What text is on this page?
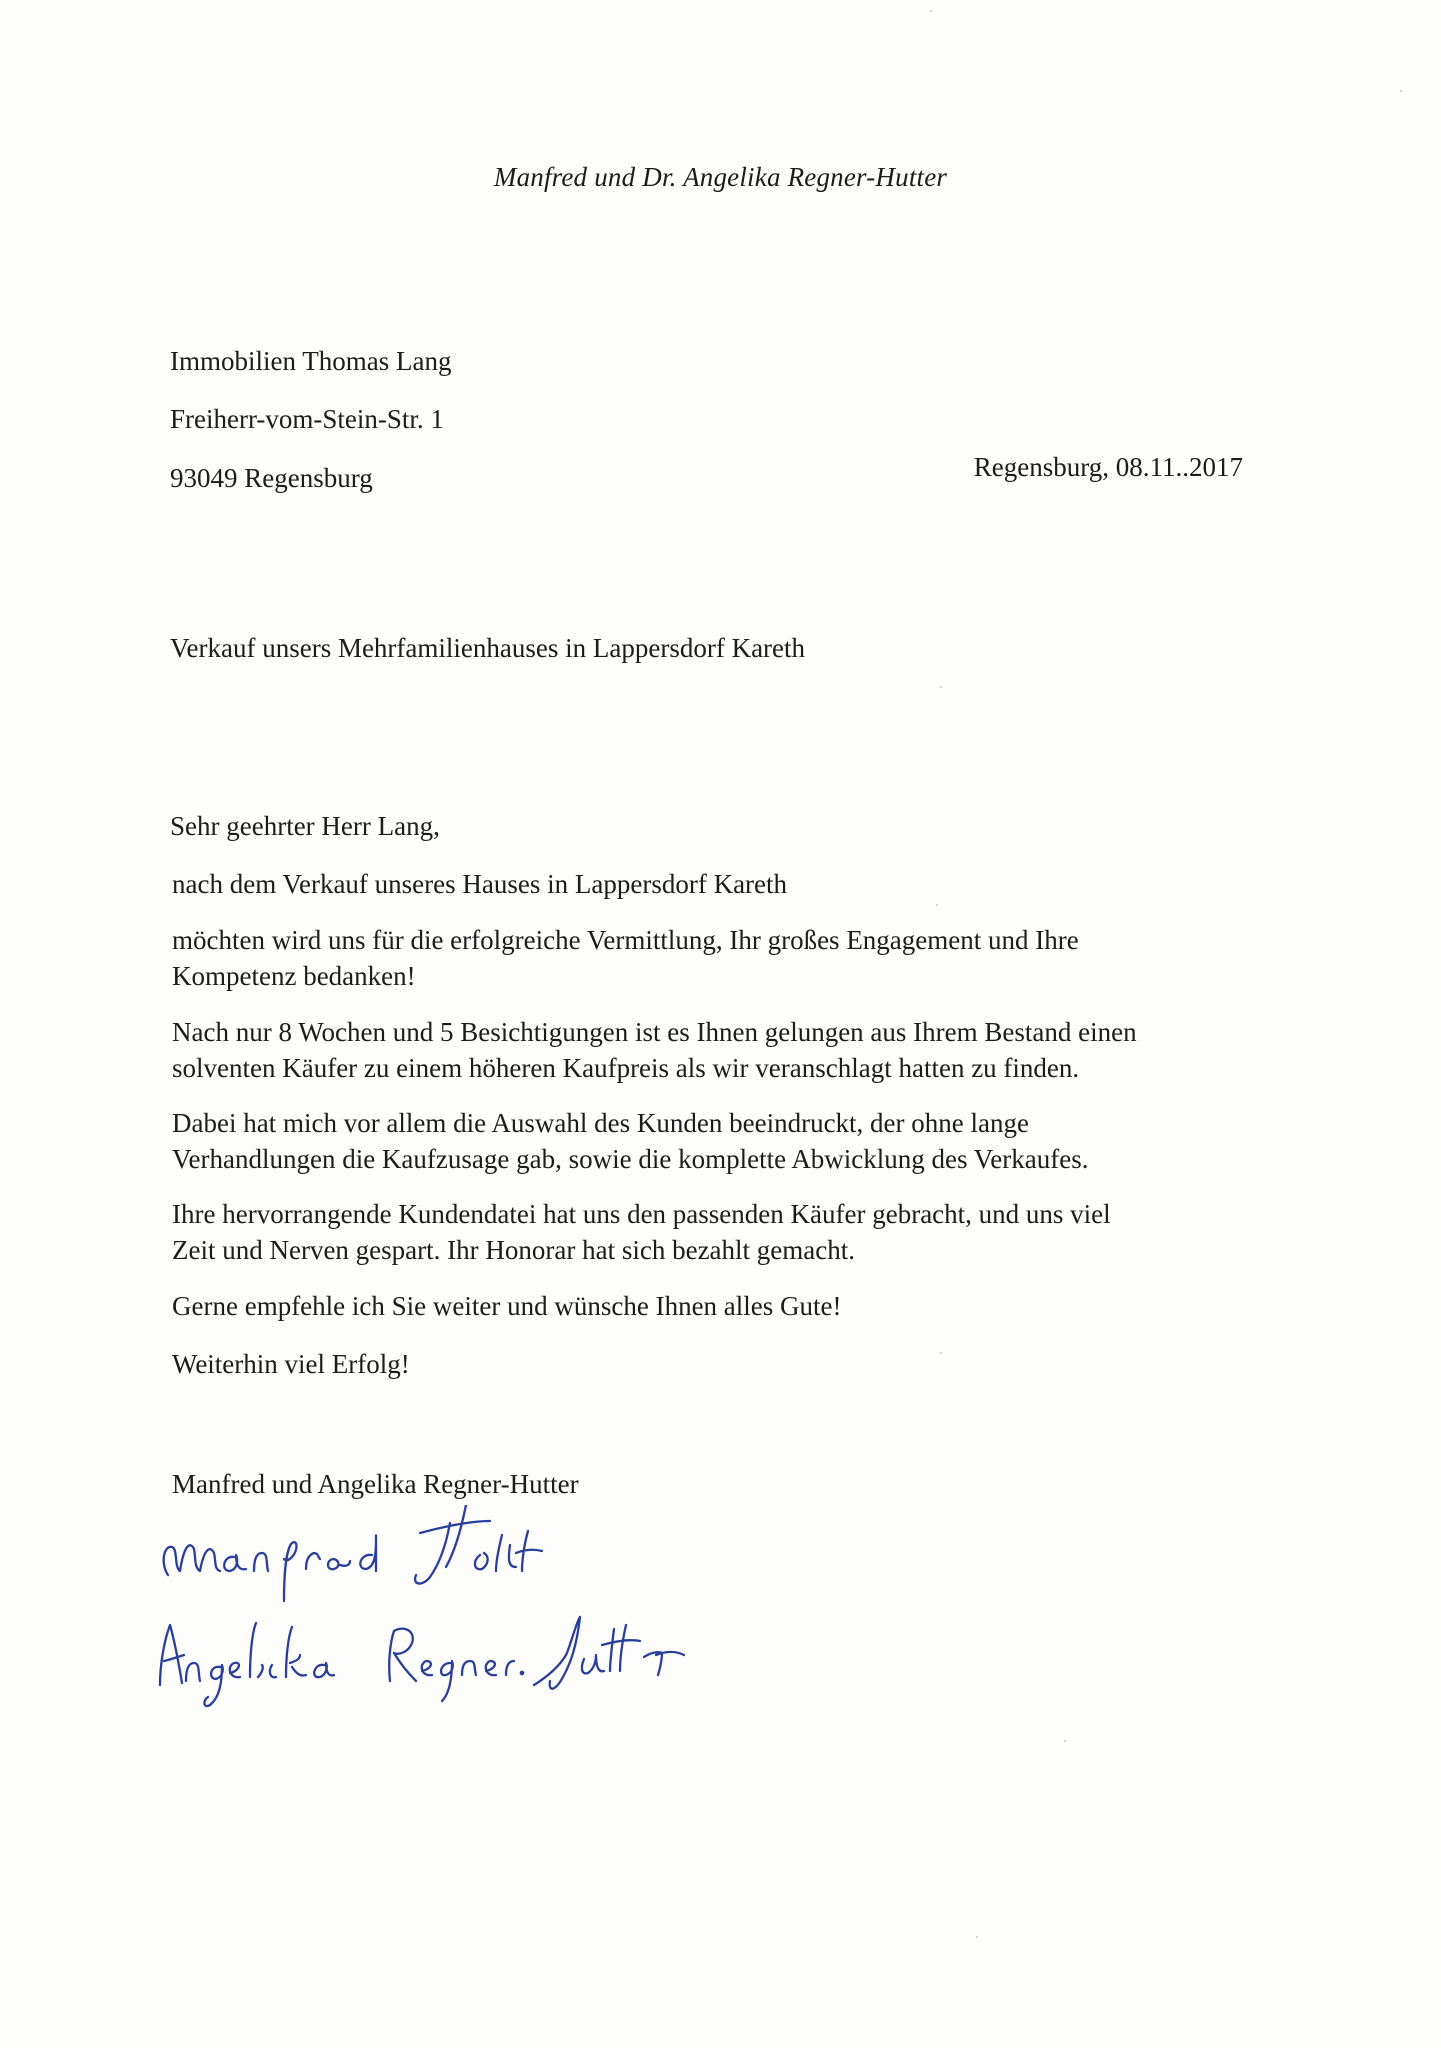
Manfred und Dr. Angelika Regner-Hutter

Immobilien Thomas Lang

Freiherr-vom-Stein-Str. 1

93049 Regensburg	Regensburg, 08.11..2017

Verkauf unsers Mehrfamilienhauses in Lappersdorf Kareth

Sehr geehrter Herr Lang,

nach dem Verkauf unseres Hauses in Lappersdorf Kareth

möchten wird uns für die erfolgreiche Vermittlung, Ihr großes Engagement und Ihre

Kompetenz bedanken!

Nach nur 8 Wochen und 5 Besichtigungen ist es Ihnen gelungen aus Ihrem Bestand einen

solventen Käufer zu einem höheren Kaufpreis als wir veranschlagt hatten zu finden.

Dabei hat mich vor allem die Auswahl des Kunden beeindruckt, der ohne lange

Verhandlungen die Kaufzusage gab, sowie die komplette Abwicklung des Verkaufes.

Ihre hervorrangende Kundendatei hat uns den passenden Käufer gebracht, und uns viel

Zeit und Nerven gespart. Ihr Honorar hat sich bezahlt gemacht.

Gerne empfehle ich Sie weiter und wünsche Ihnen alles Gute!

Weiterhin viel Erfolg!

Manfred und Angelika Regner-Hutter
